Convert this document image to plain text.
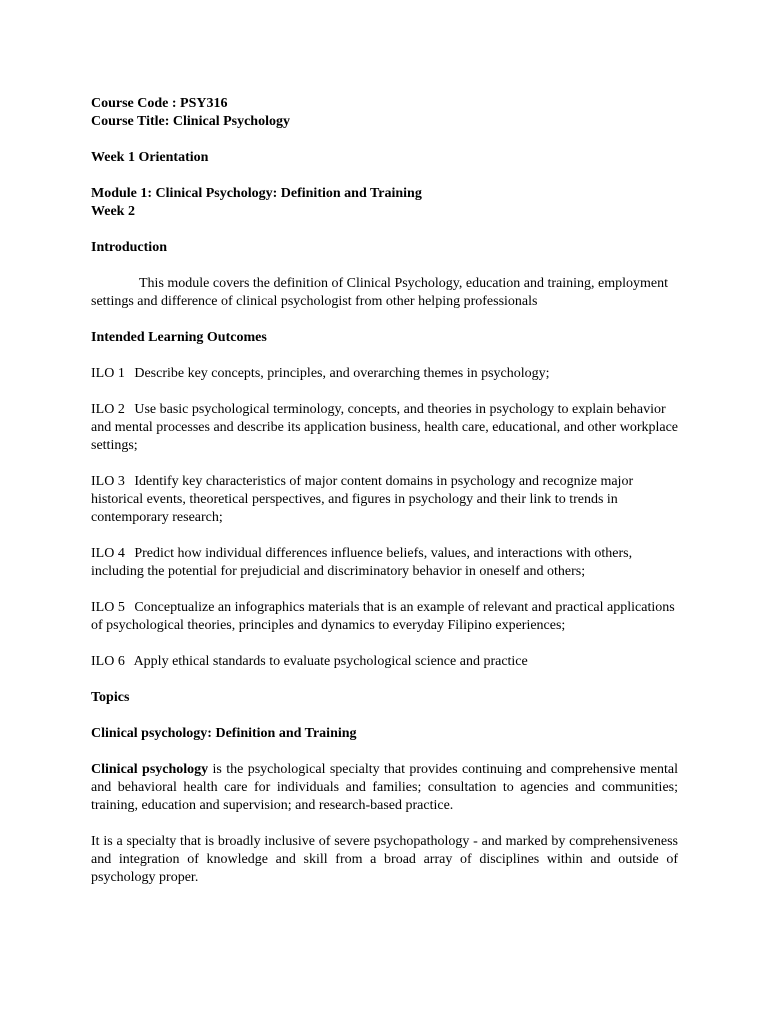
Course Code : PSY316

Course Title: Clinical Psychology

Week 1 Orientation

Module 1: Clinical Psychology: Definition and Training

Week 2

Introduction

This module covers the definition of Clinical Psychology, education and training, employment settings and difference of clinical psychologist from other helping professionals

Intended Learning Outcomes

ILO 1 Describe key concepts, principles, and overarching themes in psychology;

ILO 2 Use basic psychological terminology, concepts, and theories in psychology to explain behavior and mental processes and describe its application business, health care, educational, and other workplace settings;

ILO 3 Identify key characteristics of major content domains in psychology and recognize major historical events, theoretical perspectives, and figures in psychology and their link to trends in contemporary research;

ILO 4 Predict how individual differences influence beliefs, values, and interactions with others, including the potential for prejudicial and discriminatory behavior in oneself and others;

ILO 5 Conceptualize an infographics materials that is an example of relevant and practical applications of psychological theories, principles and dynamics to everyday Filipino experiences;

ILO 6 Apply ethical standards to evaluate psychological science and practice

Topics

Clinical psychology: Definition and Training

Clinical psychology is the psychological specialty that provides continuing and comprehensive mental and behavioral health care for individuals and families; consultation to agencies and communities; training, education and supervision; and research-based practice.

It is a specialty that is broadly inclusive of severe psychopathology - and marked by comprehensiveness and integration of knowledge and skill from a broad array of disciplines within and outside of psychology proper.
